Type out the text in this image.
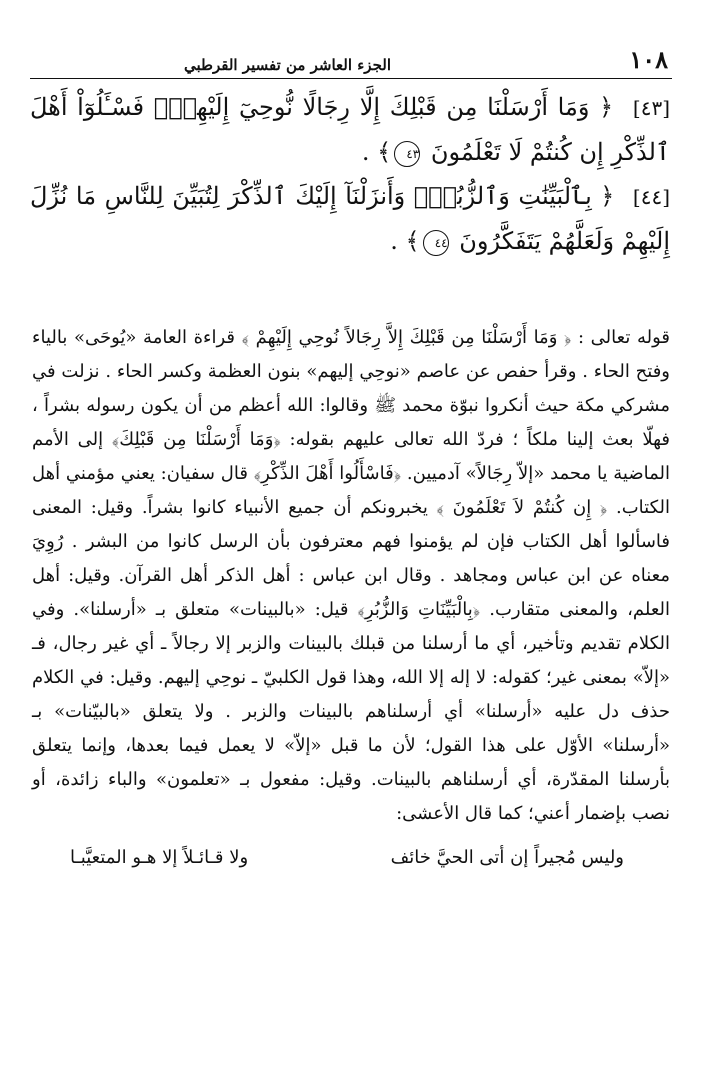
١٠٨
الجزء العاشر من تفسير القرطبي
[٤٣] ﴿ وَمَا أَرْسَلْنَا مِن قَبْلِكَ إِلَّا رِجَالًا نُّوحِيٓ إِلَيْهِمْۚ فَسْـَٔلُوٓاْ أَهْلَ ٱلذِّكْرِ إِن كُنتُمْ لَا تَعْلَمُونَ ٤٣﴾ .
[٤٤] ﴿ بِٱلْبَيِّنَٰتِ وَٱلزُّبُرِۗ وَأَنزَلْنَآ إِلَيْكَ ٱلذِّكْرَ لِتُبَيِّنَ لِلنَّاسِ مَا نُزِّلَ إِلَيْهِمْ وَلَعَلَّهُمْ يَتَفَكَّرُونَ ٤٤﴾ .

قوله تعالى : ﴿ وَمَا أَرْسَلْنَا مِن قَبْلِكَ إِلاَّ رِجَالاً نُوحِي إِلَيْهِمْ ﴾ قراءة العامة «يُوحَى» بالياء وفتح الحاء . وقرأ حفص عن عاصم «نوحِي إليهم» بنون العظمة وكسر الحاء . نزلت في مشركي مكة حيث أنكروا نبوّة محمد ﷺ وقالوا: الله أعظم من أن يكون رسوله بشراً ، فهلّا بعث إلينا ملكاً ؛ فردّ الله تعالى عليهم بقوله: ﴿وَمَا أَرْسَلْنَا مِن قَبْلِكَ﴾ إلى الأمم الماضية يا محمد «إلاّ رِجَالاً» آدميين. ﴿فَاسْأَلُوا أَهْلَ الذِّكْرِ﴾ قال سفيان: يعني مؤمني أهل الكتاب. ﴿ إِن كُنتُمْ لاَ تَعْلَمُونَ ﴾ يخبرونكم أن جميع الأنبياء كانوا بشراً. وقيل: المعنى فاسألوا أهل الكتاب فإن لم يؤمنوا فهم معترفون بأن الرسل كانوا من البشر . رُوِيَ معناه عن ابن عباس ومجاهد . وقال ابن عباس : أهل الذكر أهل القرآن. وقيل: أهل العلم، والمعنى متقارب. ﴿بِالْبَيِّنَاتِ وَالزُّبُرِ﴾ قيل: «بالبينات» متعلق بـ «أرسلنا». وفي الكلام تقديم وتأخير، أي ما أرسلنا من قبلك بالبينات والزبر إلا رجالاً ـ أي غير رجال، فـ «إلاّ» بمعنى غير؛ كقوله: لا إله إلا الله، وهذا قول الكلبيّ ـ نوحِي إليهم. وقيل: في الكلام حذف دل عليه «أرسلنا» أي أرسلناهم بالبينات والزبر . ولا يتعلق «بالبيّنات» بـ «أرسلنا» الأوّل على هذا القول؛ لأن ما قبل «إلاّ» لا يعمل فيما بعدها، وإنما يتعلق بأرسلنا المقدّرة، أي أرسلناهم بالبينات. وقيل: مفعول بـ «تعلمون» والباء زائدة، أو نصب بإضمار أعني؛ كما قال الأعشى:

وليس مُجيراً إن أتى الحيَّ خائف
ولا قـائـلاً إلا هـو المتعيَّبـا
